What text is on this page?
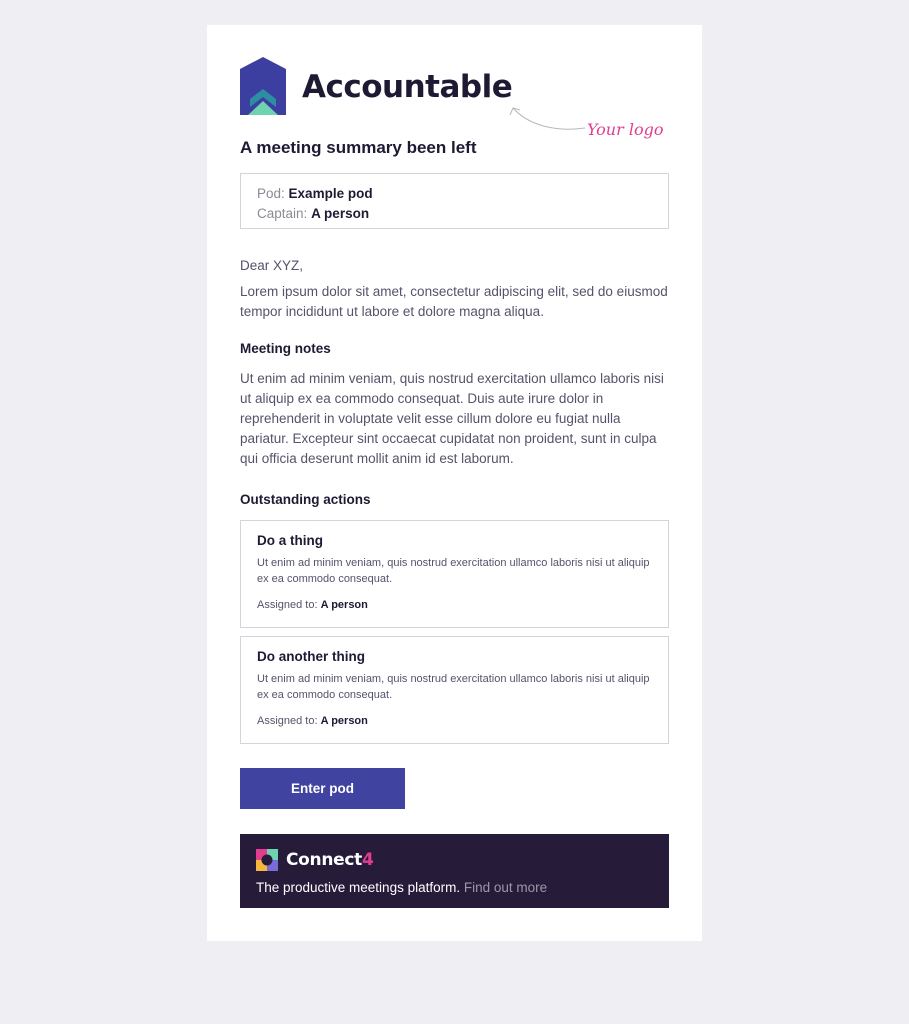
Accountable
Your logo
A meeting summary been left
Pod: Example pod
Captain: A person
Dear XYZ,
Lorem ipsum dolor sit amet, consectetur adipiscing elit, sed do eiusmod tempor incididunt ut labore et dolore magna aliqua.
Meeting notes
Ut enim ad minim veniam, quis nostrud exercitation ullamco laboris nisi ut aliquip ex ea commodo consequat. Duis aute irure dolor in reprehenderit in voluptate velit esse cillum dolore eu fugiat nulla pariatur. Excepteur sint occaecat cupidatat non proident, sunt in culpa qui officia deserunt mollit anim id est laborum.
Outstanding actions

Do a thing

Ut enim ad minim veniam, quis nostrud exercitation ullamco laboris nisi ut aliquip ex ea commodo consequat.

Assigned to: A person

Do another thing

Ut enim ad minim veniam, quis nostrud exercitation ullamco laboris nisi ut aliquip ex ea commodo consequat.

Assigned to: A person
Enter pod
Connect4
The productive meetings platform. Find out more
